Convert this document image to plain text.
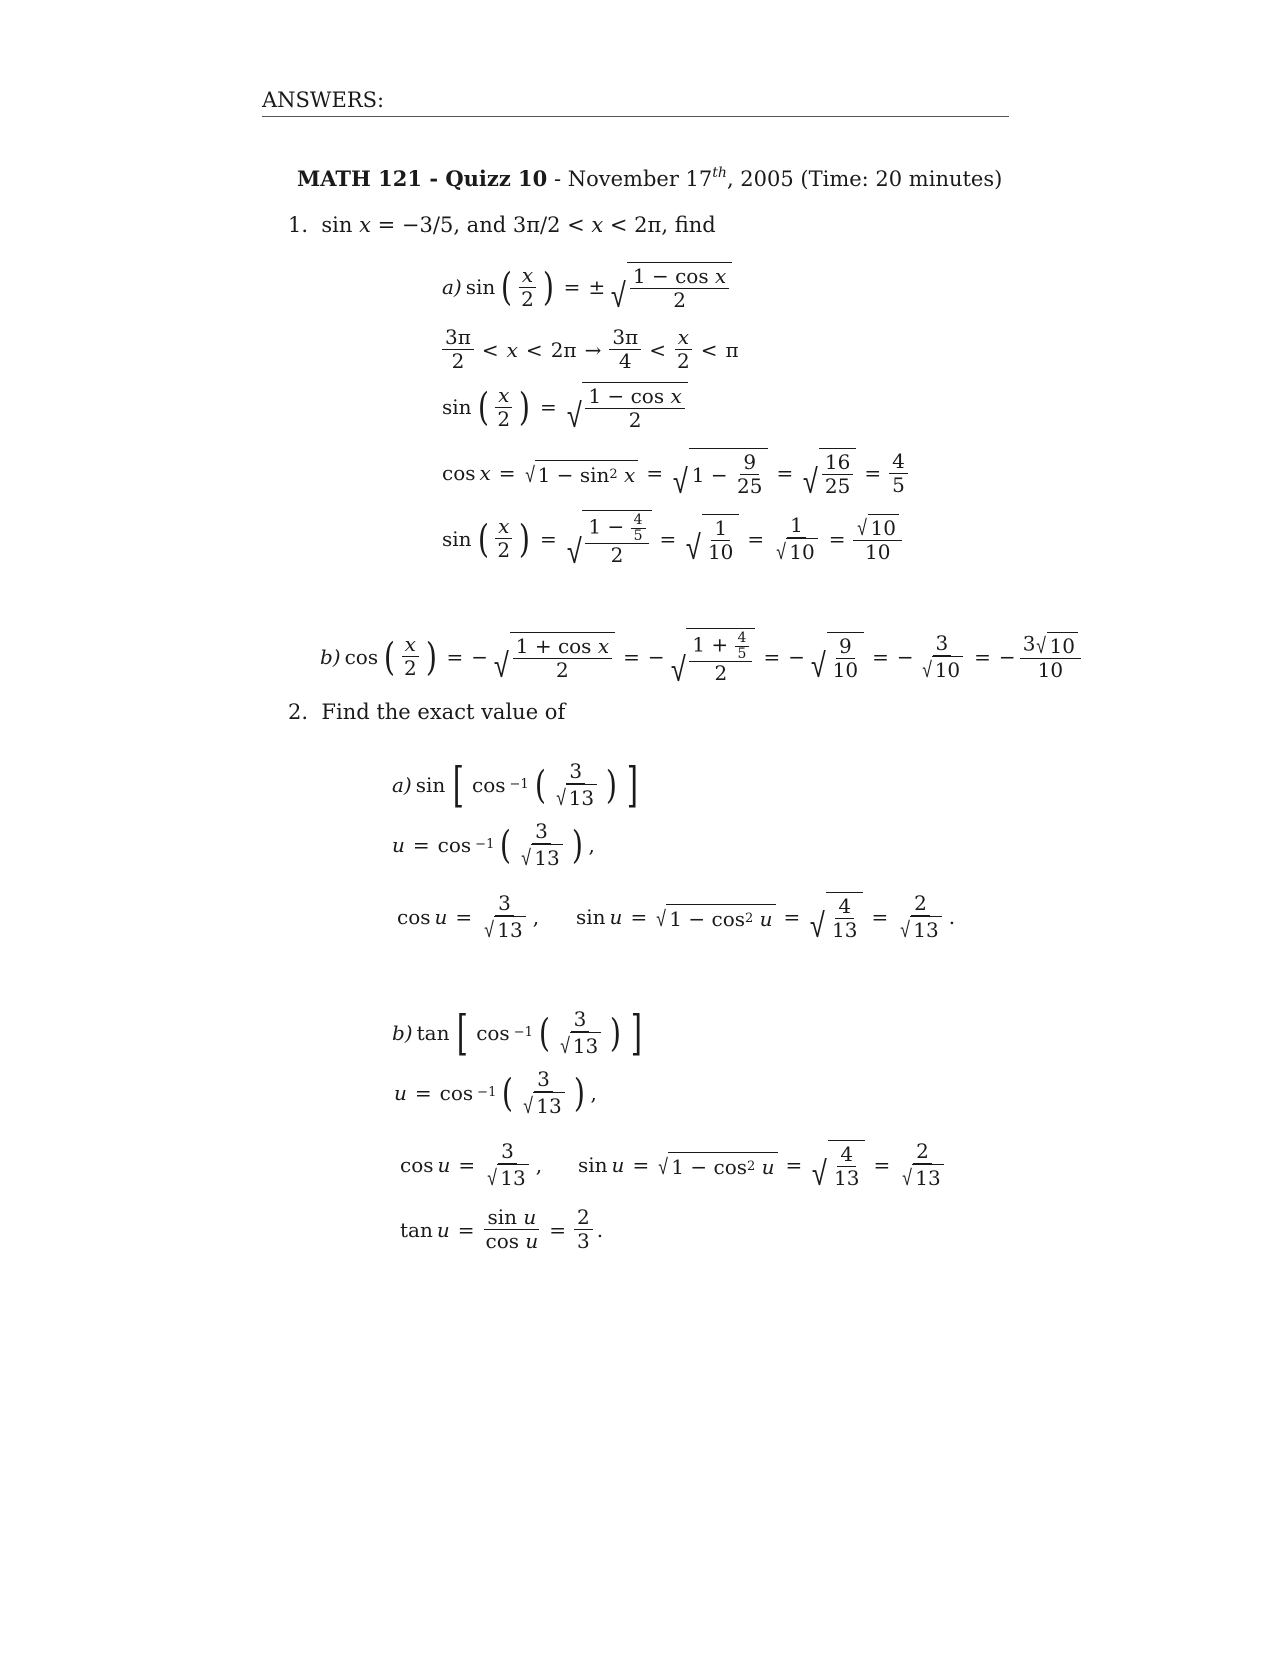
ANSWERS:
MATH 121 - Quizz 10 - November 17th, 2005 (Time: 20 minutes)
1. sin x = −3/5, and 3π/2 < x < 2π, find
a) sin ( $\frac{x}{2}$ ) = ± √ $\frac{\text{1 − cos x}}{2}$
$\frac{3\pi}{2} < x < 2\pi \to \frac{3\pi}{4} < \frac{x}{2} < \pi$
sin ( $\frac{x}{2}$ ) = √ $\frac{\text{1 − cos x}}{2}$
cos x = √ 1
−
sin 2
x = √ 1
−
$\frac{9}{25}$ = √ $\frac{16}{25} = \frac{4}{5}$
sin ( $\frac{x}{2}$ ) = √ $\frac{1 - \frac{4}{5}}{2}$ = √ $\frac{1}{10} = \frac{1}{√ 10} = \frac{√ 10}{10}$
b) cos ( $\frac{x}{2}$ ) = − √ $\frac{\text{1 + cos x}}{2}$ = − √ $\frac{1 + \frac{4}{5}}{2}$ = − √ $\frac{9}{10}$ = − $\frac{3}{√ 10}$ = − $\frac{3 √ 10}{10}$
2. Find the exact value of
a) sin [ cos −1 ( $\frac{3}{√ 13}$ ) ]
u = cos −1 ( $\frac{3}{√ 13}$ ) ,
$\cos u = \frac{3}{√ 13}$ , sin u = √ 1
−
cos 2
u = √ $\frac{4}{13} = \frac{2}{√ 13}$ .
b) tan [ cos −1 ( $\frac{3}{√ 13}$ ) ]
u = cos −1 ( $\frac{3}{√ 13}$ ) ,
$\cos u = \frac{3}{√ 13}$ , sin u = √ 1
−
cos 2
u = √ $\frac{4}{13} = \frac{2}{√ 13}$
$\tan u = \frac{\text{sin u}}{\text{cos u}} = \frac{2}{3}$ .
